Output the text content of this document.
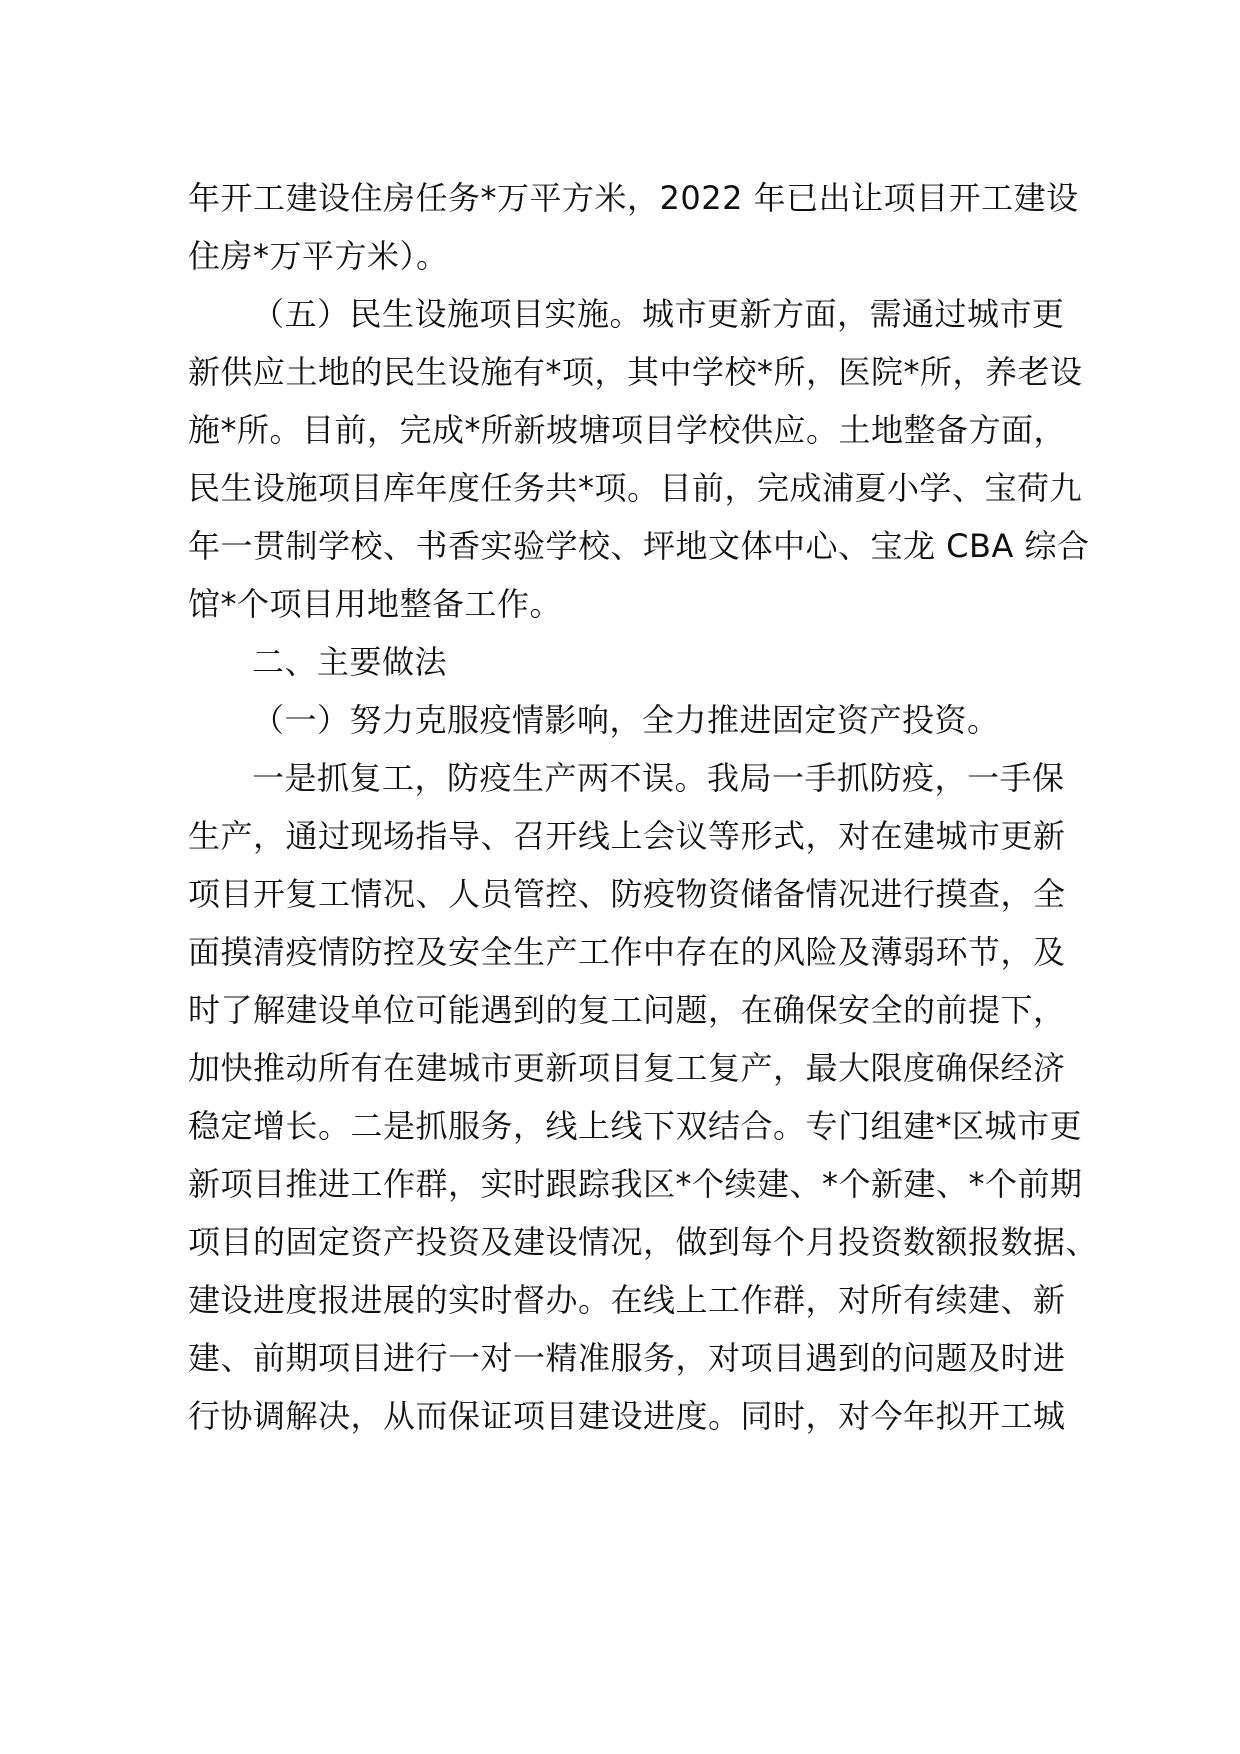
年开工建设住房任务*万平方米，2022 年已出让项目开工建设
住房*万平方米）。
（五）民生设施项目实施。城市更新方面，需通过城市更
新供应土地的民生设施有*项，其中学校*所，医院*所，养老设
施*所。目前，完成*所新坡塘项目学校供应。土地整备方面，
民生设施项目库年度任务共*项。目前，完成浦夏小学、宝荷九
年一贯制学校、书香实验学校、坪地文体中心、宝龙 CBA 综合
馆*个项目用地整备工作。
二、主要做法
（一）努力克服疫情影响，全力推进固定资产投资。
一是抓复工，防疫生产两不误。我局一手抓防疫，一手保
生产，通过现场指导、召开线上会议等形式，对在建城市更新
项目开复工情况、人员管控、防疫物资储备情况进行摸查，全
面摸清疫情防控及安全生产工作中存在的风险及薄弱环节，及
时了解建设单位可能遇到的复工问题，在确保安全的前提下，
加快推动所有在建城市更新项目复工复产，最大限度确保经济
稳定增长。二是抓服务，线上线下双结合。专门组建*区城市更
新项目推进工作群，实时跟踪我区*个续建、*个新建、*个前期
项目的固定资产投资及建设情况，做到每个月投资数额报数据、
建设进度报进展的实时督办。在线上工作群，对所有续建、新
建、前期项目进行一对一精准服务，对项目遇到的问题及时进
行协调解决，从而保证项目建设进度。同时，对今年拟开工城
